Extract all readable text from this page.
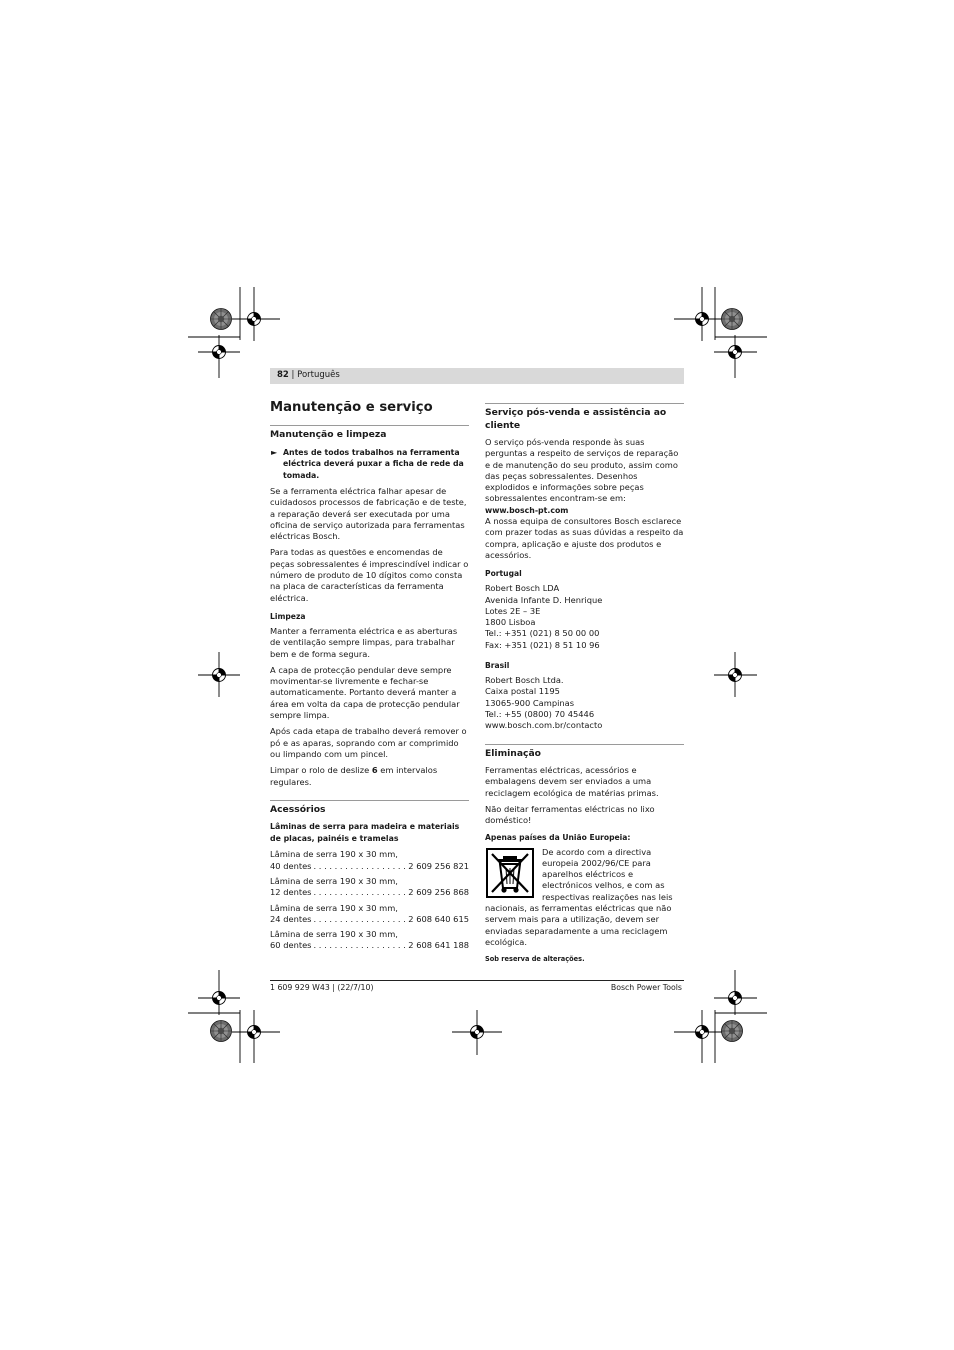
82 | Português
Manutenção e serviço
Manutenção e limpeza
► Antes de todos trabalhos na ferramenta eléctrica deverá puxar a ficha de rede da tomada.

Se a ferramenta eléctrica falhar apesar de cuidadosos processos de fabricação e de teste, a reparação deverá ser executada por uma oficina de serviço autorizada para ferramentas eléctricas Bosch.

Para todas as questões e encomendas de peças sobressalentes é imprescindível indicar o número de produto de 10 dígitos como consta na placa de características da ferramenta eléctrica.

Limpeza

Manter a ferramenta eléctrica e as aberturas de ventilação sempre limpas, para trabalhar bem e de forma segura.

A capa de protecção pendular deve sempre movimentar-se livremente e fechar-se automaticamente. Portanto deverá manter a área em volta da capa de protecção pendular sempre limpa.

Após cada etapa de trabalho deverá remover o pó e as aparas, soprando com ar comprimido ou limpando com um pincel.

Limpar o rolo de deslize 6 em intervalos regulares.

Acessórios
Lâminas de serra para madeira e materiais de placas, painéis e tramelas
Lâmina de serra 190 x 30 mm,
40 dentes . . .	2 609 256 821
Lâmina de serra 190 x 30 mm,
12 dentes . . .	2 609 256 868
Lâmina de serra 190 x 30 mm,
24 dentes . . .	2 608 640 615
Lâmina de serra 190 x 30 mm,
60 dentes . . .	2 608 641 188
Serviço pós-venda e assistência ao cliente

O serviço pós-venda responde às suas perguntas a respeito de serviços de reparação e de manutenção do seu produto, assim como das peças sobressalentes. Desenhos explodidos e informações sobre peças sobressalentes encontram-se em:

www.bosch-pt.com

A nossa equipa de consultores Bosch esclarece com prazer todas as suas dúvidas a respeito da compra, aplicação e ajuste dos produtos e acessórios.

Portugal
Robert Bosch LDA
Avenida Infante D. Henrique
Lotes 2E – 3E
1800 Lisboa
Tel.: +351 (021) 8 50 00 00
Fax: +351 (021) 8 51 10 96
Brasil
Robert Bosch Ltda.
Caixa postal 1195
13065-900 Campinas
Tel.: +55 (0800) 70 45446
www.bosch.com.br/contacto
Eliminação

Ferramentas eléctricas, acessórios e embalagens devem ser enviados a uma reciclagem ecológica de matérias primas.

Não deitar ferramentas eléctricas no lixo doméstico!

Apenas países da União Europeia:

De acordo com a directiva europeia 2002/96/CE para aparelhos eléctricos e electrónicos velhos, e com as respectivas realizações nas leis nacionais, as ferramentas eléctricas que não servem mais para a utilização, devem ser enviadas separadamente a uma reciclagem ecológica.

Sob reserva de alterações.
1 609 929 W43 | (22/7/10)	Bosch Power Tools
